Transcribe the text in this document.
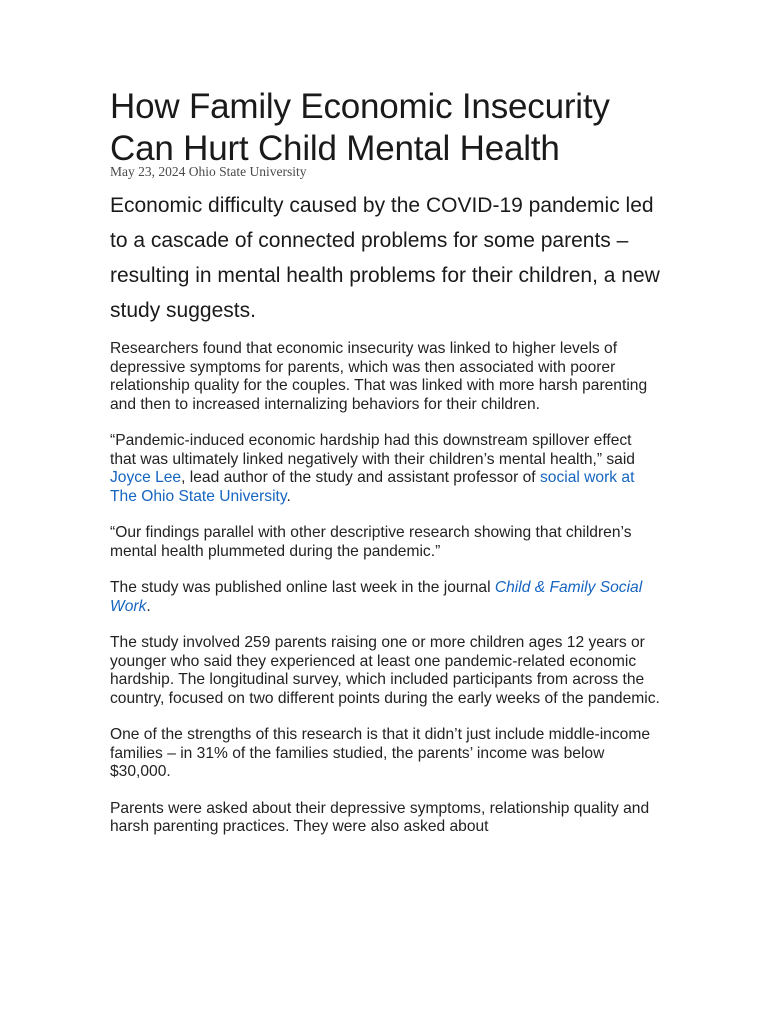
How Family Economic Insecurity Can Hurt Child Mental Health

May 23, 2024 Ohio State University

Economic difficulty caused by the COVID-19 pandemic led to a cascade of connected problems for some parents – resulting in mental health problems for their children, a new study suggests.

Researchers found that economic insecurity was linked to higher levels of depressive symptoms for parents, which was then associated with poorer relationship quality for the couples. That was linked with more harsh parenting and then to increased internalizing behaviors for their children.

“Pandemic-induced economic hardship had this downstream spillover effect that was ultimately linked negatively with their children’s mental health,” said Joyce Lee, lead author of the study and assistant professor of social work at The Ohio State University.

“Our findings parallel with other descriptive research showing that children’s mental health plummeted during the pandemic.”

The study was published online last week in the journal Child & Family Social Work.

The study involved 259 parents raising one or more children ages 12 years or younger who said they experienced at least one pandemic-related economic hardship. The longitudinal survey, which included participants from across the country, focused on two different points during the early weeks of the pandemic.

One of the strengths of this research is that it didn’t just include middle-income families – in 31% of the families studied, the parents’ income was below $30,000.

Parents were asked about their depressive symptoms, relationship quality and harsh parenting practices. They were also asked about
